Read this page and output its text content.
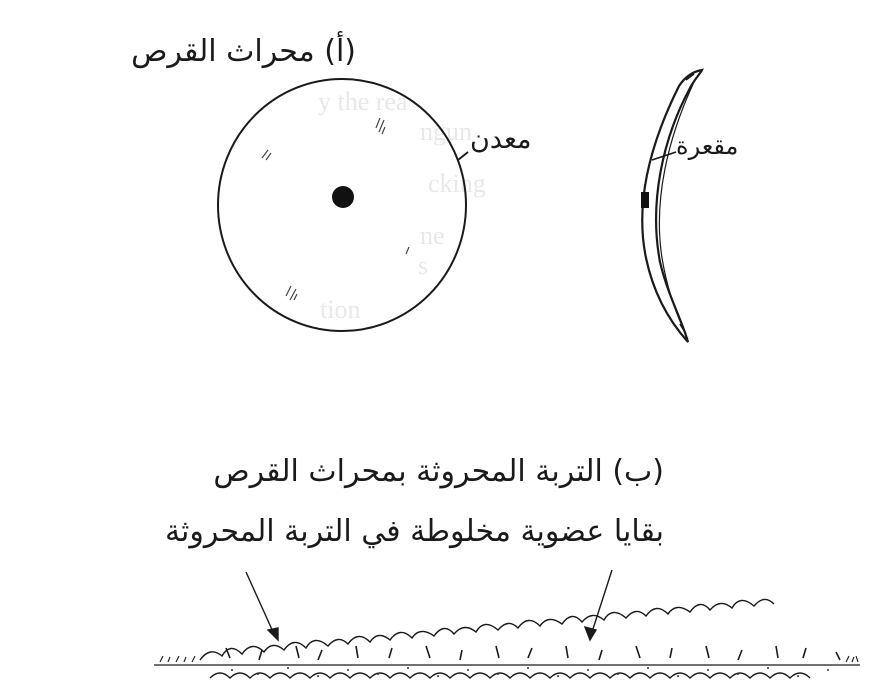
y the rea
ngun
cking
ne
s
tion
(أ) محراث القرص
معدن	مقعرة
(ب) التربة المحروثة بمحراث القرص
بقايا عضوية مخلوطة في التربة المحروثة
